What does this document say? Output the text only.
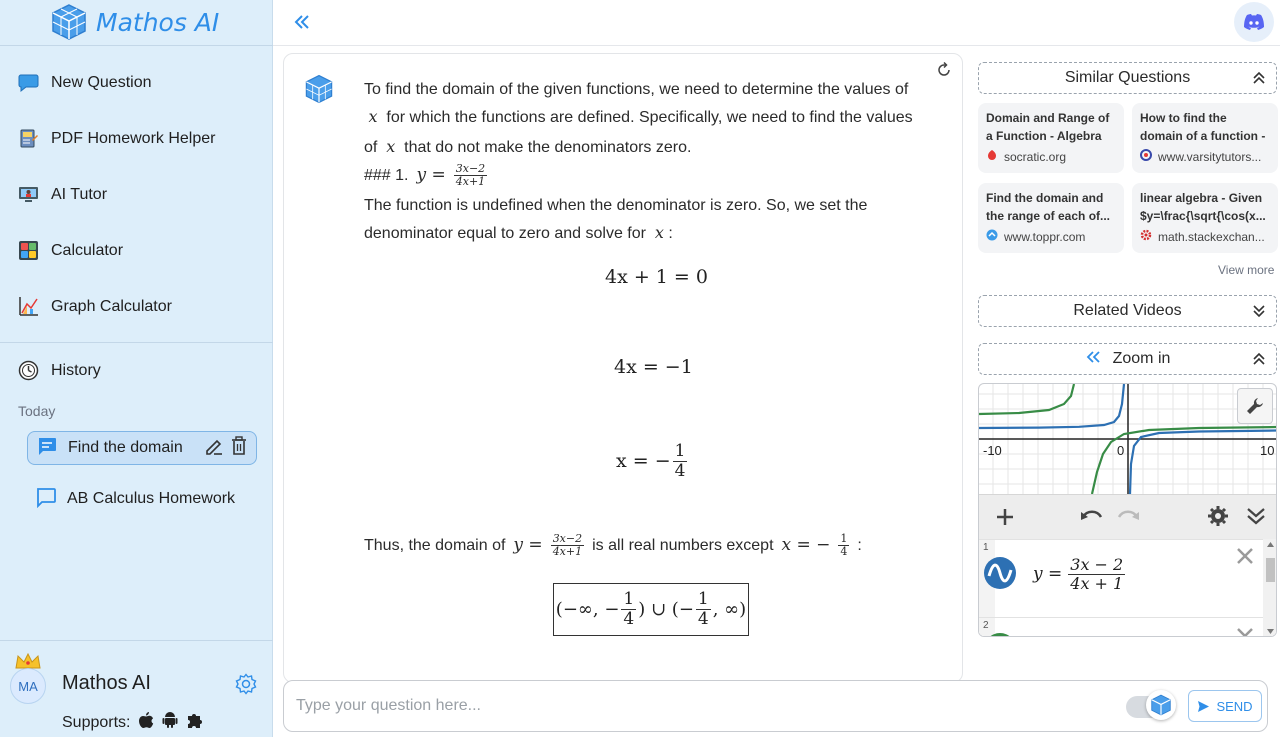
Mathos AI
New Question
PDF Homework Helper
AI Tutor
Calculator
Graph Calculator
History
Today
Find the domain
AB Calculus Homework
MA	Mathos AI
Supports:
To find the domain of the given functions, we need to determine the values of
x for which the functions are defined. Specifically, we need to find the values
of x that do not make the denominators zero.
### 1. $y = \frac{3x-2}{4x+1}$
The function is undefined when the denominator is zero. So, we set the
denominator equal to zero and solve for x :
4x + 1 = 0
4x = −1
x = − $\frac{1}{4}$
Thus, the domain of $y = \frac{3x-2}{4x+1}$ is all real numbers except x = − $\frac{1}{4}$ :
(−∞, − $\frac{1}{4}$ ) ∪ (− $\frac{1}{4}$ , ∞)
Similar Questions
Domain and Range of a Function - Algebra
socratic.org
How to find the domain of a function -
www.varsitytutors...
Find the domain and the range of each of...
www.toppr.com
linear algebra - Given $y=\frac{\sqrt{\cos(x...
math.stackexchan...
View more
Related Videos
Zoom in
-10	0	10
1
$y = \frac{3x - 2}{4x + 1}$
2
Type your question here...
SEND
